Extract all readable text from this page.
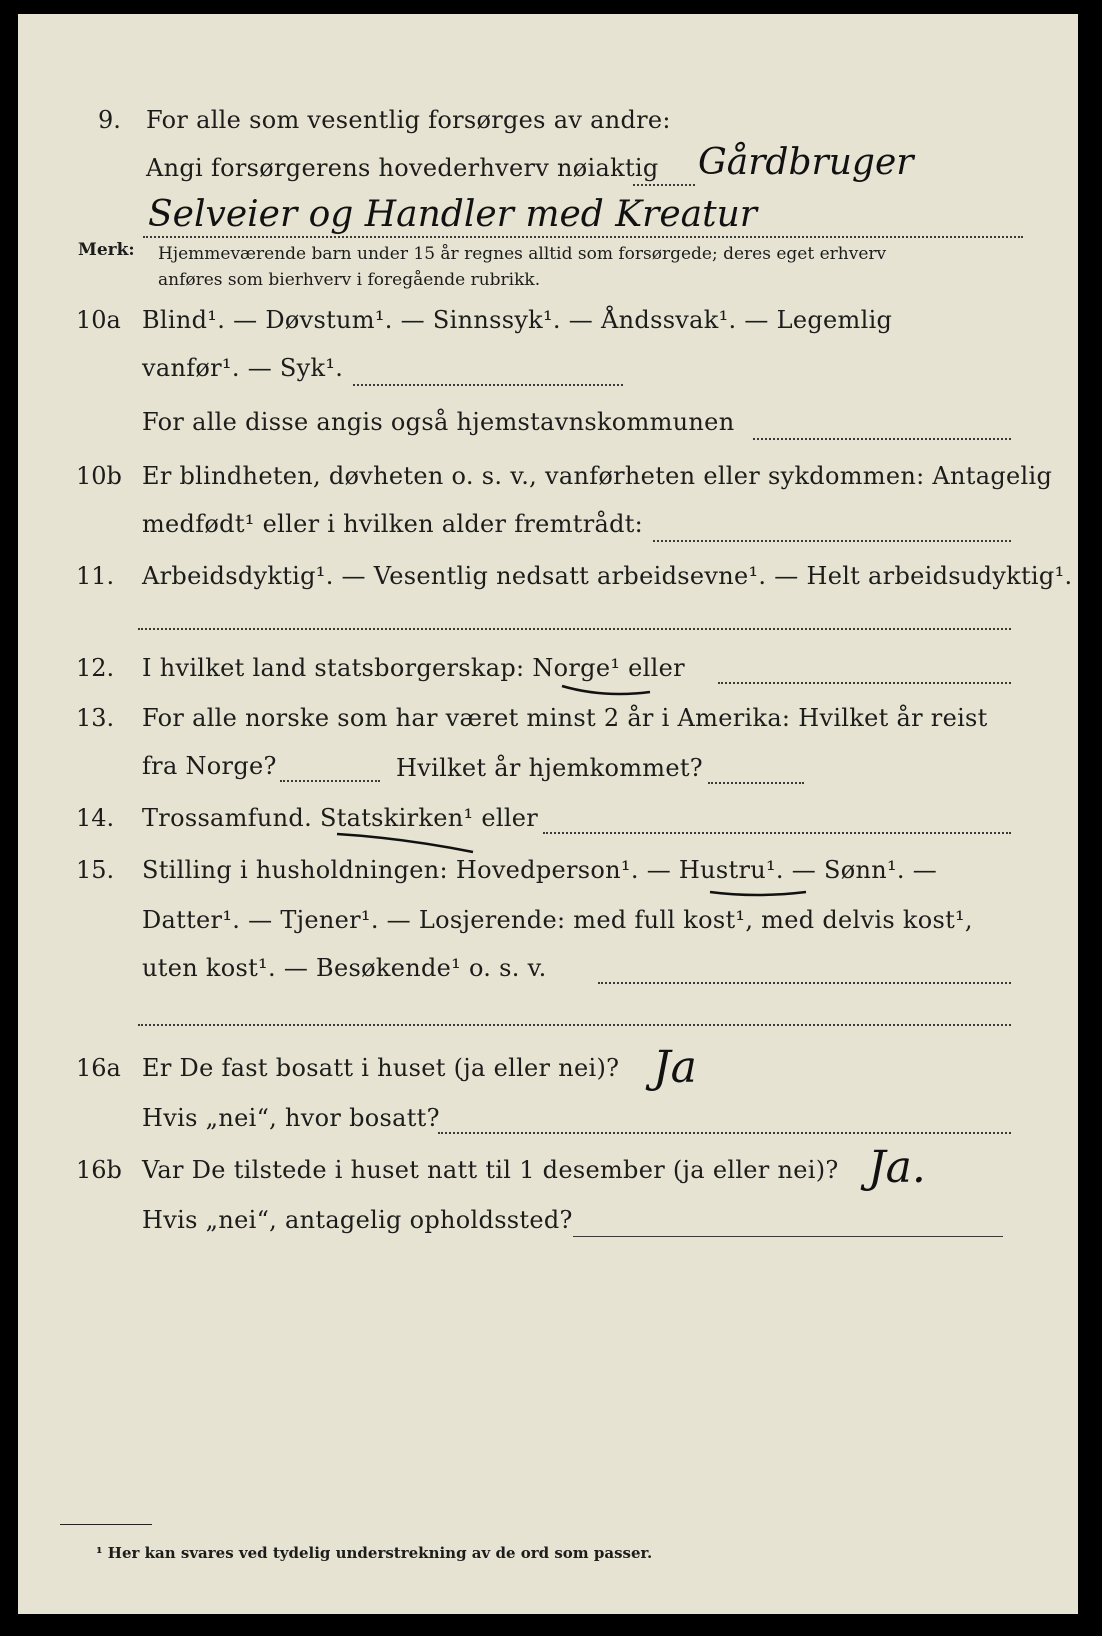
9. For alle som vesentlig forsørges av andre:
Angi forsørgerens hovederhverv nøiaktig Gårdbruger
Selveier og Handler med Kreatur
Merk: Hjemmeværende barn under 15 år regnes alltid som forsørgede; deres eget erhverv
anføres som bierhverv i foregående rubrikk.
10a Blind¹. — Døvstum¹. — Sinnssyk¹. — Åndssvak¹. — Legemlig
vanfør¹. — Syk¹.
For alle disse angis også hjemstavnskommunen
10b Er blindheten, døvheten o. s. v., vanførheten eller sykdommen: Antagelig
medfødt¹ eller i hvilken alder fremtrådt:
11. Arbeidsdyktig¹. — Vesentlig nedsatt arbeidsevne¹. — Helt arbeidsudyktig¹.
12. I hvilket land statsborgerskap: Norge¹ eller
13. For alle norske som har været minst 2 år i Amerika: Hvilket år reist
fra Norge?	Hvilket år hjemkommet?
14. Trossamfund. Statskirken¹ eller
15. Stilling i husholdningen: Hovedperson¹. — Hustru¹. — Sønn¹. —
Datter¹. — Tjener¹. — Losjerende: med full kost¹, med delvis kost¹,
uten kost¹. — Besøkende¹ o. s. v.
16a Er De fast bosatt i huset (ja eller nei)? Ja
Hvis „nei“, hvor bosatt?
16b Var De tilstede i huset natt til 1 desember (ja eller nei)? Ja.
Hvis „nei“, antagelig opholdssted?
¹ Her kan svares ved tydelig understrekning av de ord som passer.
